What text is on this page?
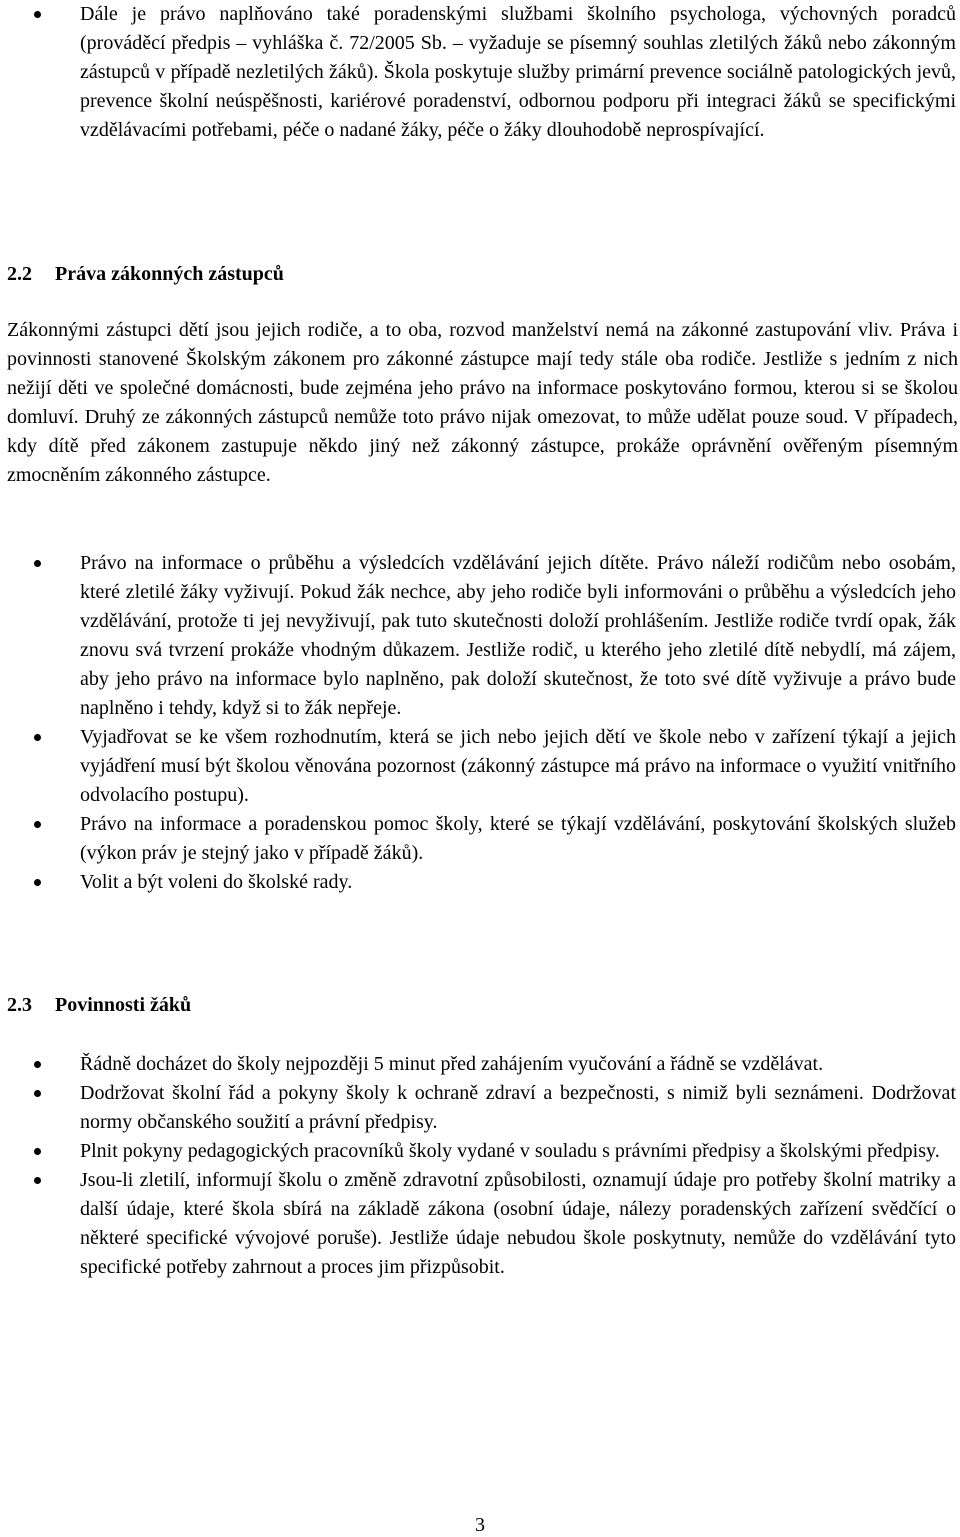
Dále je právo naplňováno také poradenskými službami školního psychologa, výchovných poradců (prováděcí předpis – vyhláška č. 72/2005 Sb. – vyžaduje se písemný souhlas zletilých žáků nebo zákonným zástupců v případě nezletilých žáků). Škola poskytuje služby primární prevence sociálně patologických jevů, prevence školní neúspěšnosti, kariérové poradenství, odbornou podporu při integraci žáků se specifickými vzdělávacími potřebami, péče o nadané žáky, péče o žáky dlouhodobě neprospívající.
2.2 Práva zákonných zástupců
Zákonnými zástupci dětí jsou jejich rodiče, a to oba, rozvod manželství nemá na zákonné zastupování vliv. Práva i povinnosti stanovené Školským zákonem pro zákonné zástupce mají tedy stále oba rodiče. Jestliže s jedním z nich nežijí děti ve společné domácnosti, bude zejména jeho právo na informace poskytováno formou, kterou si se školou domluví. Druhý ze zákonných zástupců nemůže toto právo nijak omezovat, to může udělat pouze soud. V případech, kdy dítě před zákonem zastupuje někdo jiný než zákonný zástupce, prokáže oprávnění ověřeným písemným zmocněním zákonného zástupce.
Právo na informace o průběhu a výsledcích vzdělávání jejich dítěte. Právo náleží rodičům nebo osobám, které zletilé žáky vyživují. Pokud žák nechce, aby jeho rodiče byli informováni o průběhu a výsledcích jeho vzdělávání, protože ti jej nevyživují, pak tuto skutečnosti doloží prohlášením. Jestliže rodiče tvrdí opak, žák znovu svá tvrzení prokáže vhodným důkazem. Jestliže rodič, u kterého jeho zletilé dítě nebydlí, má zájem, aby jeho právo na informace bylo naplněno, pak doloží skutečnost, že toto své dítě vyživuje a právo bude naplněno i tehdy, když si to žák nepřeje.
Vyjadřovat se ke všem rozhodnutím, která se jich nebo jejich dětí ve škole nebo v zařízení týkají a jejich vyjádření musí být školou věnována pozornost (zákonný zástupce má právo na informace o využití vnitřního odvolacího postupu).
Právo na informace a poradenskou pomoc školy, které se týkají vzdělávání, poskytování školských služeb (výkon práv je stejný jako v případě žáků).
Volit a být voleni do školské rady.
2.3 Povinnosti žáků
Řádně docházet do školy nejpozději 5 minut před zahájením vyučování a řádně se vzdělávat.
Dodržovat školní řád a pokyny školy k ochraně zdraví a bezpečnosti, s nimiž byli seznámeni. Dodržovat normy občanského soužití a právní předpisy.
Plnit pokyny pedagogických pracovníků školy vydané v souladu s právními předpisy a školskými předpisy.
Jsou-li zletilí, informují školu o změně zdravotní způsobilosti, oznamují údaje pro potřeby školní matriky a další údaje, které škola sbírá na základě zákona (osobní údaje, nálezy poradenských zařízení svědčící o některé specifické vývojové poruše). Jestliže údaje nebudou škole poskytnuty, nemůže do vzdělávání tyto specifické potřeby zahrnout a proces jim přizpůsobit.
3
